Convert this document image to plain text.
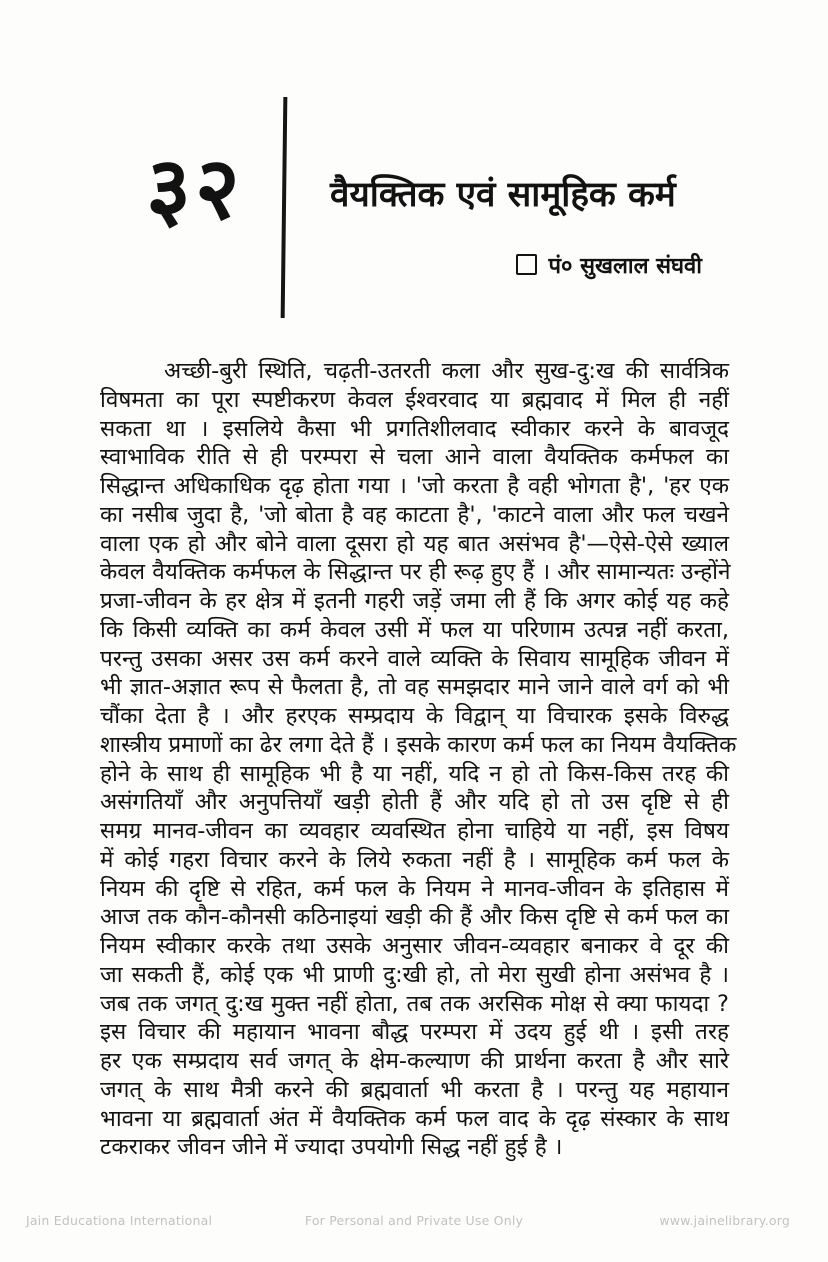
३२ वैयक्तिक एवं सामूहिक कर्म
पं० सुखलाल संघवी
अच्छी-बुरी स्थिति, चढ़ती-उतरती कला और सुख-दु:ख की सार्वत्रिक
विषमता का पूरा स्पष्टीकरण केवल ईश्वरवाद या ब्रह्मवाद में मिल ही नहीं
सकता था । इसलिये कैसा भी प्रगतिशीलवाद स्वीकार करने के बावजूद
स्वाभाविक रीति से ही परम्परा से चला आने वाला वैयक्तिक कर्मफल का
सिद्धान्त अधिकाधिक दृढ़ होता गया । 'जो करता है वही भोगता है', 'हर एक
का नसीब जुदा है, 'जो बोता है वह काटता है', 'काटने वाला और फल चखने
वाला एक हो और बोने वाला दूसरा हो यह बात असंभव है'—ऐसे-ऐसे ख्याल
केवल वैयक्तिक कर्मफल के सिद्धान्त पर ही रूढ़ हुए हैं । और सामान्यतः उन्होंने
प्रजा-जीवन के हर क्षेत्र में इतनी गहरी जड़ें जमा ली हैं कि अगर कोई यह कहे
कि किसी व्यक्ति का कर्म केवल उसी में फल या परिणाम उत्पन्न नहीं करता,
परन्तु उसका असर उस कर्म करने वाले व्यक्ति के सिवाय सामूहिक जीवन में
भी ज्ञात-अज्ञात रूप से फैलता है, तो वह समझदार माने जाने वाले वर्ग को भी
चौंका देता है । और हरएक सम्प्रदाय के विद्वान् या विचारक इसके विरुद्ध
शास्त्रीय प्रमाणों का ढेर लगा देते हैं । इसके कारण कर्म फल का नियम वैयक्तिक
होने के साथ ही सामूहिक भी है या नहीं, यदि न हो तो किस-किस तरह की
असंगतियाँ और अनुपत्तियाँ खड़ी होती हैं और यदि हो तो उस दृष्टि से ही
समग्र मानव-जीवन का व्यवहार व्यवस्थित होना चाहिये या नहीं, इस विषय
में कोई गहरा विचार करने के लिये रुकता नहीं है । सामूहिक कर्म फल के
नियम की दृष्टि से रहित, कर्म फल के नियम ने मानव-जीवन के इतिहास में
आज तक कौन-कौनसी कठिनाइयां खड़ी की हैं और किस दृष्टि से कर्म फल का
नियम स्वीकार करके तथा उसके अनुसार जीवन-व्यवहार बनाकर वे दूर की
जा सकती हैं, कोई एक भी प्राणी दु:खी हो, तो मेरा सुखी होना असंभव है ।
जब तक जगत् दु:ख मुक्त नहीं होता, तब तक अरसिक मोक्ष से क्या फायदा ?
इस विचार की महायान भावना बौद्ध परम्परा में उदय हुई थी । इसी तरह
हर एक सम्प्रदाय सर्व जगत् के क्षेम-कल्याण की प्रार्थना करता है और सारे
जगत् के साथ मैत्री करने की ब्रह्मवार्ता भी करता है । परन्तु यह महायान
भावना या ब्रह्मवार्ता अंत में वैयक्तिक कर्म फल वाद के दृढ़ संस्कार के साथ
टकराकर जीवन जीने में ज्यादा उपयोगी सिद्ध नहीं हुई है ।
Jain Educationa International	For Personal and Private Use Only	www.jainelibrary.org
